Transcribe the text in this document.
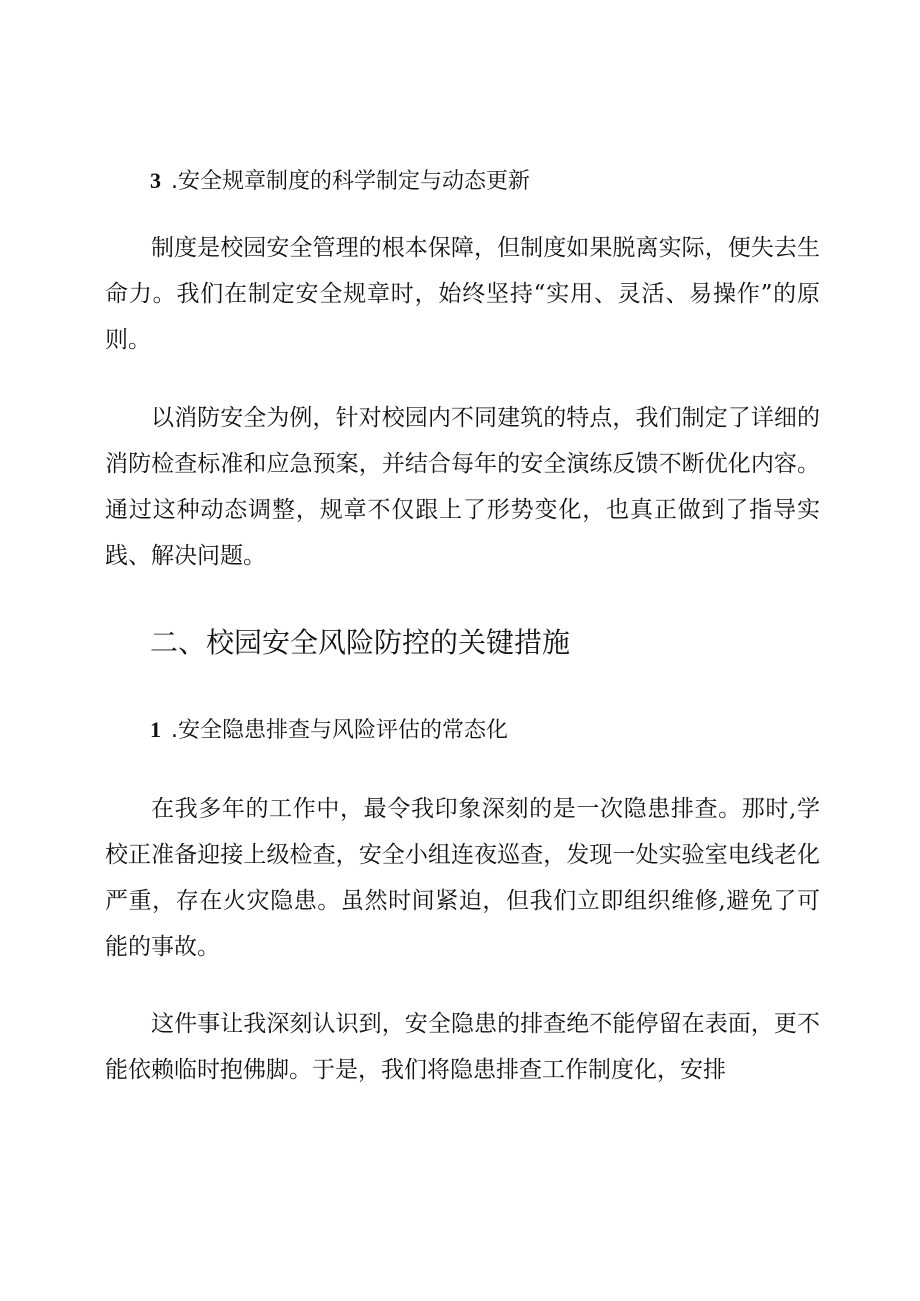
3 .安全规章制度的科学制定与动态更新

制度是校园安全管理的根本保障，但制度如果脱离实际，便失去生命力。我们在制定安全规章时，始终坚持“实用、灵活、易操作”的原则。

以消防安全为例，针对校园内不同建筑的特点，我们制定了详细的消防检查标准和应急预案，并结合每年的安全演练反馈不断优化内容。通过这种动态调整，规章不仅跟上了形势变化，也真正做到了指导实践、解决问题。

二、校园安全风险防控的关键措施
1 .安全隐患排查与风险评估的常态化

在我多年的工作中，最令我印象深刻的是一次隐患排查。那时,学校正准备迎接上级检查，安全小组连夜巡查，发现一处实验室电线老化严重，存在火灾隐患。虽然时间紧迫，但我们立即组织维修,避免了可能的事故。

这件事让我深刻认识到，安全隐患的排查绝不能停留在表面，更不能依赖临时抱佛脚。于是，我们将隐患排查工作制度化，安排
